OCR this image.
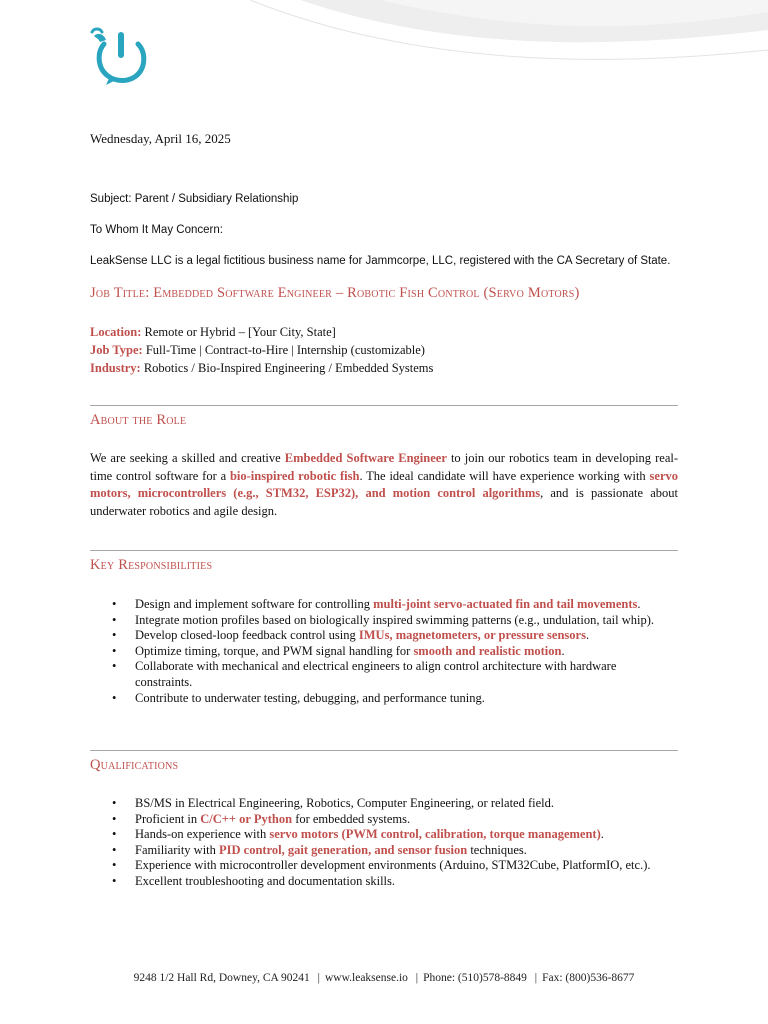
Wednesday, April 16, 2025
Subject: Parent / Subsidiary Relationship
To Whom It May Concern:
LeakSense LLC is a legal fictitious business name for Jammcorpe, LLC, registered with the CA Secretary of State.
Job Title: Embedded Software Engineer – Robotic Fish Control (Servo Motors)
Location: Remote or Hybrid – [Your City, State]
Job Type: Full-Time | Contract-to-Hire | Internship (customizable)
Industry: Robotics / Bio-Inspired Engineering / Embedded Systems
About the Role
We are seeking a skilled and creative Embedded Software Engineer to join our robotics team in developing real-time control software for a bio-inspired robotic fish. The ideal candidate will have experience working with servo motors, microcontrollers (e.g., STM32, ESP32), and motion control algorithms, and is passionate about underwater robotics and agile design.
Key Responsibilities
• Design and implement software for controlling multi-joint servo-actuated fin and tail movements.
• Integrate motion profiles based on biologically inspired swimming patterns (e.g., undulation, tail whip).
• Develop closed-loop feedback control using IMUs, magnetometers, or pressure sensors.
• Optimize timing, torque, and PWM signal handling for smooth and realistic motion.
• Collaborate with mechanical and electrical engineers to align control architecture with hardware constraints.
• Contribute to underwater testing, debugging, and performance tuning.
Qualifications
• BS/MS in Electrical Engineering, Robotics, Computer Engineering, or related field.
• Proficient in C/C++ or Python for embedded systems.
• Hands-on experience with servo motors (PWM control, calibration, torque management).
• Familiarity with PID control, gait generation, and sensor fusion techniques.
• Experience with microcontroller development environments (Arduino, STM32Cube, PlatformIO, etc.).
• Excellent troubleshooting and documentation skills.
9248 1/2 Hall Rd, Downey, CA 90241 | www.leaksense.io | Phone: (510)578-8849 | Fax: (800)536-8677
